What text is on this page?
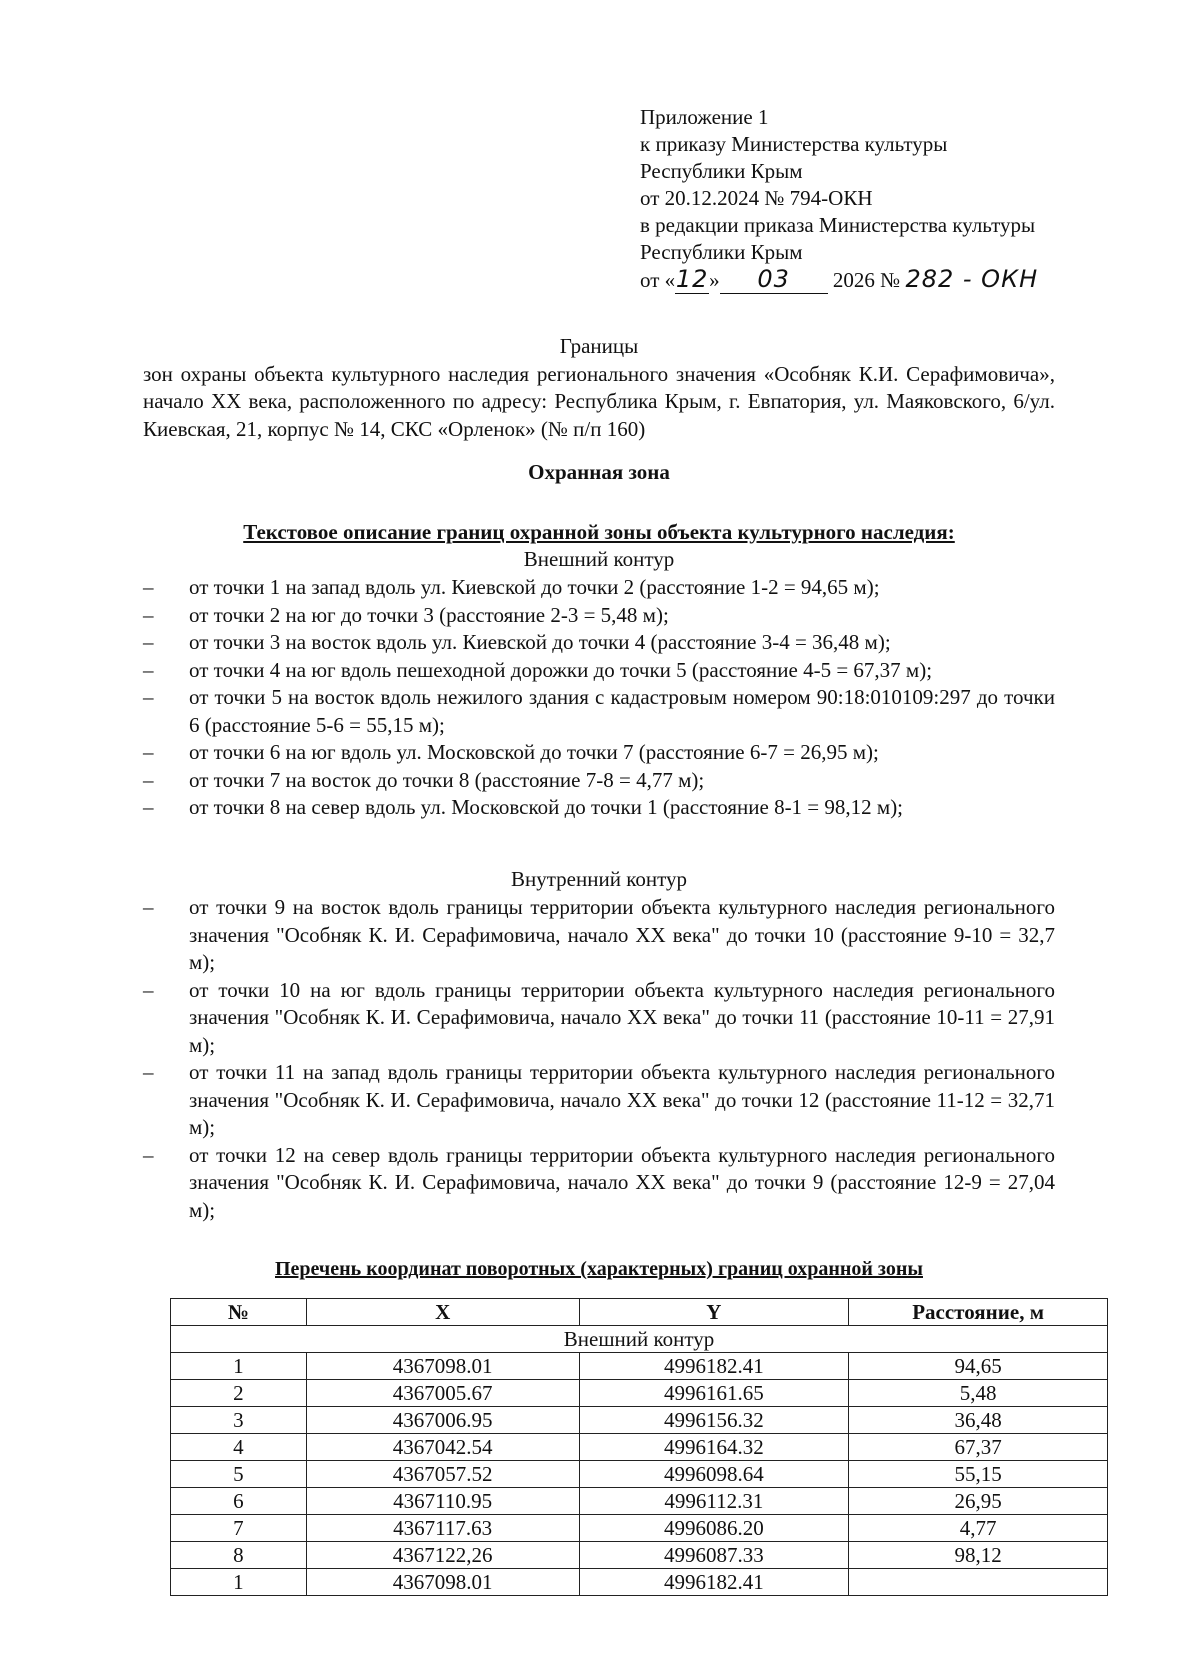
Приложение 1
к приказу Министерства культуры
Республики Крым
от 20.12.2024 № 794-ОКН
в редакции приказа Министерства культуры
Республики Крым
от «12» 03 2026 № 282 - ОКН
Границы
зон охраны объекта культурного наследия регионального значения «Особняк К.И. Серафимовича», начало XX века, расположенного по адресу: Республика Крым, г. Евпатория, ул. Маяковского, 6/ул. Киевская, 21, корпус № 14, СКС «Орленок» (№ п/п 160)
Охранная зона
Текстовое описание границ охранной зоны объекта культурного наследия:
Внешний контур
– от точки 1 на запад вдоль ул. Киевской до точки 2 (расстояние 1-2 = 94,65 м);
– от точки 2 на юг до точки 3 (расстояние 2-3 = 5,48 м);
– от точки 3 на восток вдоль ул. Киевской до точки 4 (расстояние 3-4 = 36,48 м);
– от точки 4 на юг вдоль пешеходной дорожки до точки 5 (расстояние 4-5 = 67,37 м);
– от точки 5 на восток вдоль нежилого здания с кадастровым номером 90:18:010109:297 до точки 6 (расстояние 5-6 = 55,15 м);
– от точки 6 на юг вдоль ул. Московской до точки 7 (расстояние 6-7 = 26,95 м);
– от точки 7 на восток до точки 8 (расстояние 7-8 = 4,77 м);
– от точки 8 на север вдоль ул. Московской до точки 1 (расстояние 8-1 = 98,12 м);
Внутренний контур
– от точки 9 на восток вдоль границы территории объекта культурного наследия регионального значения "Особняк К. И. Серафимовича, начало XX века" до точки 10 (расстояние 9-10 = 32,7 м);
– от точки 10 на юг вдоль границы территории объекта культурного наследия регионального значения "Особняк К. И. Серафимовича, начало XX века" до точки 11 (расстояние 10-11 = 27,91 м);
– от точки 11 на запад вдоль границы территории объекта культурного наследия регионального значения "Особняк К. И. Серафимовича, начало XX века" до точки 12 (расстояние 11-12 = 32,71 м);
– от точки 12 на север вдоль границы территории объекта культурного наследия регионального значения "Особняк К. И. Серафимовича, начало XX века" до точки 9 (расстояние 12-9 = 27,04 м);
Перечень координат поворотных (характерных) границ охранной зоны
№	X	Y	Расстояние, м
Внешний контур			
1	4367098.01	4996182.41	94,65
2	4367005.67	4996161.65	5,48
3	4367006.95	4996156.32	36,48
4	4367042.54	4996164.32	67,37
5	4367057.52	4996098.64	55,15
6	4367110.95	4996112.31	26,95
7	4367117.63	4996086.20	4,77
8	4367122,26	4996087.33	98,12
1	4367098.01	4996182.41	
